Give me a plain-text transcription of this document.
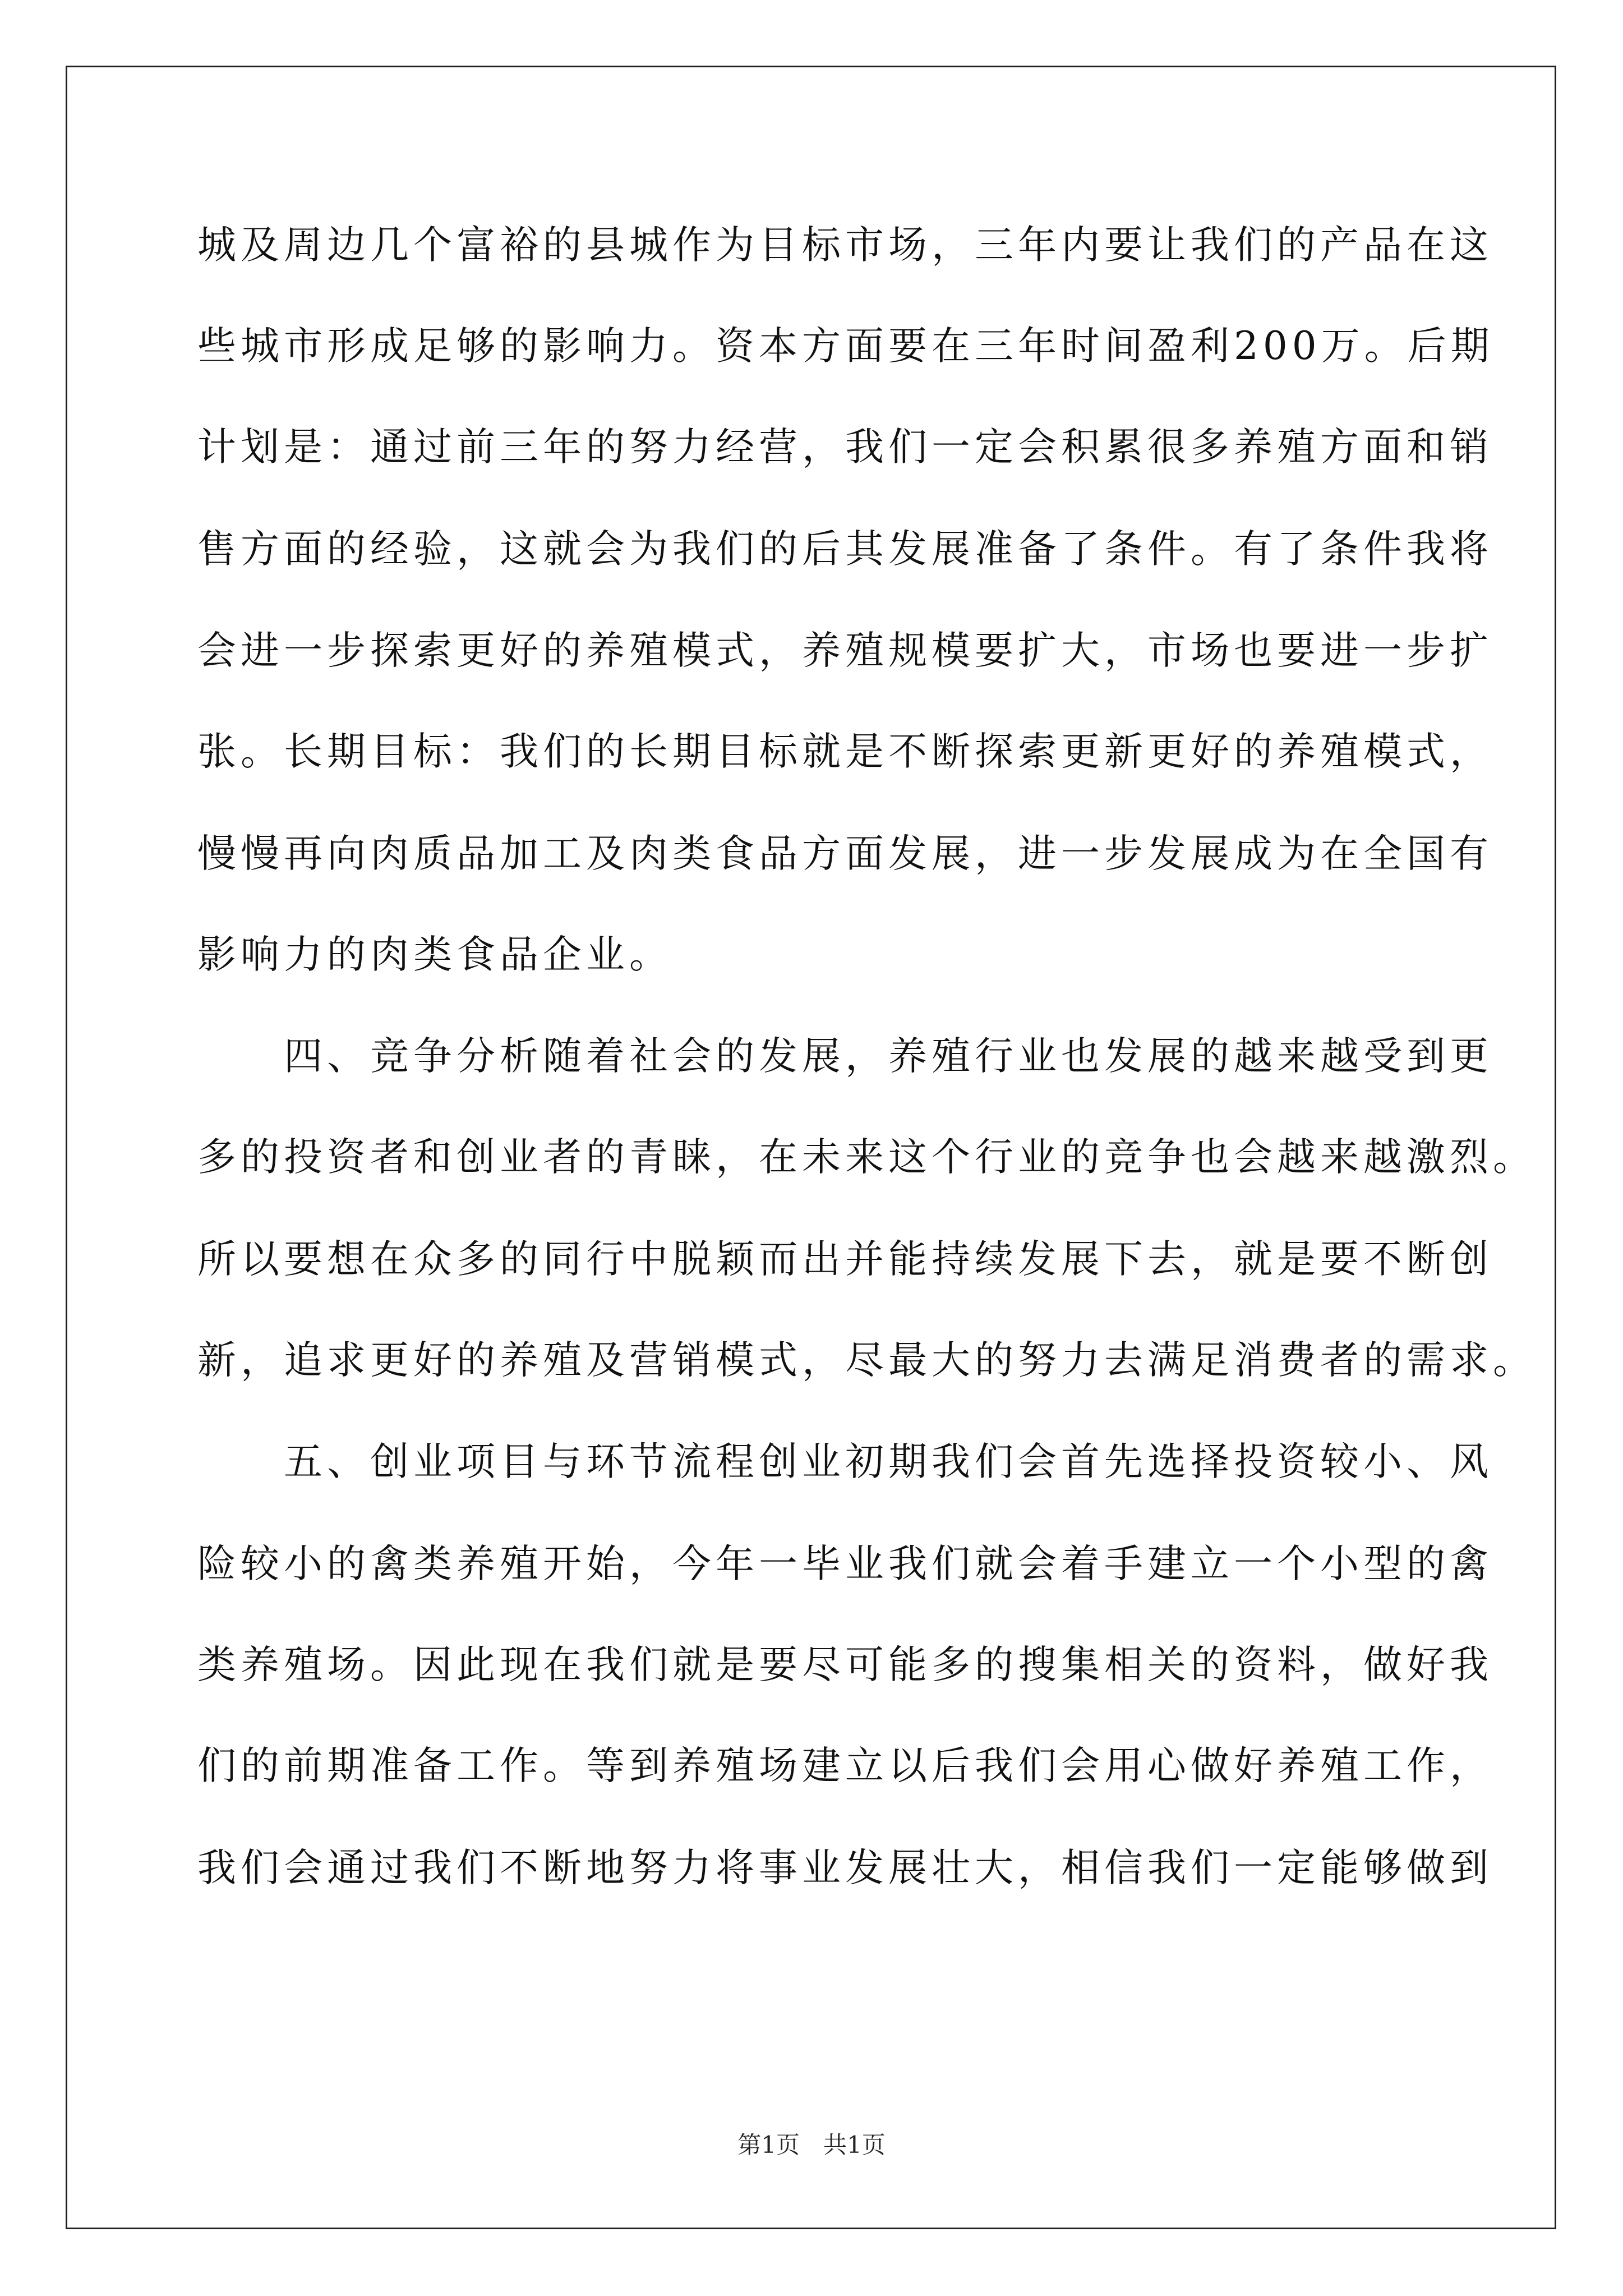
城及周边几个富裕的县城作为目标市场，三年内要让我们的产品在这
些城市形成足够的影响力。资本方面要在三年时间盈利200万。后期
计划是：通过前三年的努力经营，我们一定会积累很多养殖方面和销
售方面的经验，这就会为我们的后其发展准备了条件。有了条件我将
会进一步探索更好的养殖模式，养殖规模要扩大，市场也要进一步扩
张。长期目标：我们的长期目标就是不断探索更新更好的养殖模式，
慢慢再向肉质品加工及肉类食品方面发展，进一步发展成为在全国有
影响力的肉类食品企业。
　　四、竞争分析随着社会的发展，养殖行业也发展的越来越受到更
多的投资者和创业者的青睐，在未来这个行业的竞争也会越来越激烈。
所以要想在众多的同行中脱颖而出并能持续发展下去，就是要不断创
新，追求更好的养殖及营销模式，尽最大的努力去满足消费者的需求。
　　五、创业项目与环节流程创业初期我们会首先选择投资较小、风
险较小的禽类养殖开始，今年一毕业我们就会着手建立一个小型的禽
类养殖场。因此现在我们就是要尽可能多的搜集相关的资料，做好我
们的前期准备工作。等到养殖场建立以后我们会用心做好养殖工作，
我们会通过我们不断地努力将事业发展壮大，相信我们一定能够做到
第1页　共1页
